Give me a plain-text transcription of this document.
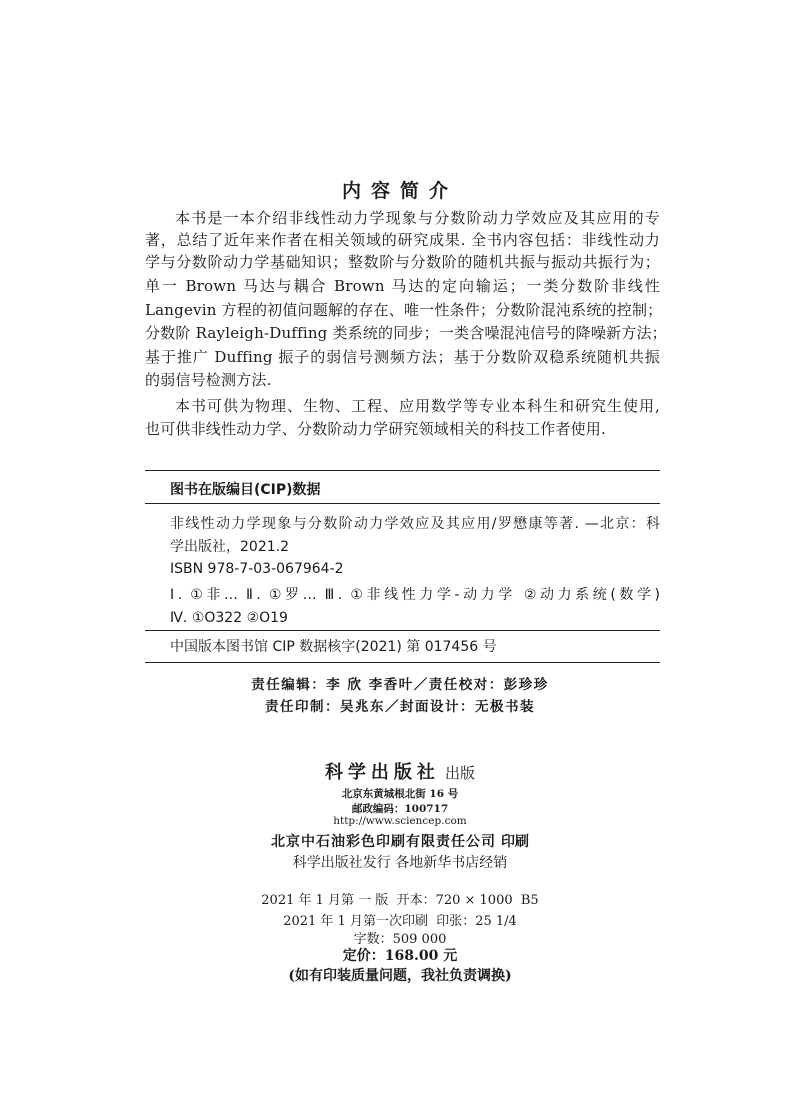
内容简介
本书是一本介绍非线性动力学现象与分数阶动力学效应及其应用的专
著，总结了近年来作者在相关领域的研究成果. 全书内容包括：非线性动力
学与分数阶动力学基础知识；整数阶与分数阶的随机共振与振动共振行为；
单一 Brown 马达与耦合 Brown 马达的定向输运；一类分数阶非线性
Langevin 方程的初值问题解的存在、唯一性条件；分数阶混沌系统的控制；
分数阶 Rayleigh-Duffing 类系统的同步；一类含噪混沌信号的降噪新方法；
基于推广 Duffing 振子的弱信号测频方法；基于分数阶双稳系统随机共振
的弱信号检测方法.
本书可供为物理、生物、工程、应用数学等专业本科生和研究生使用,
也可供非线性动力学、分数阶动力学研究领域相关的科技工作者使用.
图书在版编目(CIP)数据
非线性动力学现象与分数阶动力学效应及其应用/罗懋康等著. —北京：科
学出版社，2021.2
ISBN 978-7-03-067964-2
Ⅰ. ①非… Ⅱ. ①罗… Ⅲ. ①非线性力学-动力学 ②动力系统(数学)
Ⅳ. ①O322 ②O19
中国版本图书馆 CIP 数据核字(2021) 第 017456 号
责任编辑：李 欣 李香叶／责任校对：彭珍珍
责任印制：吴兆东／封面设计：无极书装
科学出版社 出版
北京东黄城根北街 16 号
邮政编码：100717
http://www.sciencep.com
北京中石油彩色印刷有限责任公司 印刷
科学出版社发行 各地新华书店经销
2021 年 1 月第 一 版  开本：720 × 1000  B5
2021 年 1 月第一次印刷  印张：25 1/4
字数：509 000
定价：168.00 元
(如有印装质量问题，我社负责调换)
